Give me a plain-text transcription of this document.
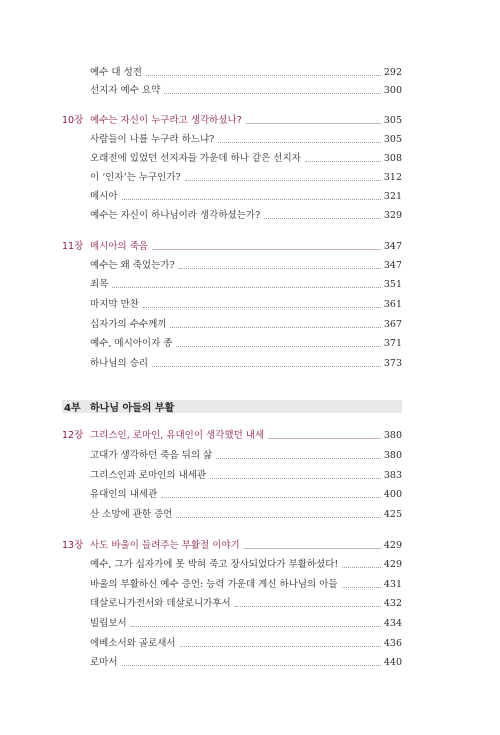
예수 대 성전	292
선지자 예수 요약	300
10장 예수는 자신이 누구라고 생각하셨나?	305
사람들이 나를 누구라 하느냐?	305
오래전에 있었던 선지자들 가운데 하나 같은 선지자	308
이 ‘인자’는 누구인가?	312
메시아	321
예수는 자신이 하나님이라 생각하셨는가?	329
11장 메시아의 죽음	347
예수는 왜 죽었는가?	347
죄목	351
마지막 만찬	361
십자가의 수수께끼	367
예수, 메시아이자 종	371
하나님의 승리	373
4부 하나님 아들의 부활
12장 그리스인, 로마인, 유대인이 생각했던 내세	380
고대가 생각하던 죽음 뒤의 삶	380
그리스인과 로마인의 내세관	383
유대인의 내세관	400
산 소망에 관한 증언	425
13장 사도 바울이 들려주는 부활절 이야기	429
예수, 그가 십자가에 못 박혀 죽고 장사되었다가 부활하셨다!	429
바울의 부활하신 예수 증언: 능력 가운데 계신 하나님의 아들	431
데살로니가전서와 데살로니가후서	432
빌립보서	434
에베소서와 골로새서	436
로마서	440
